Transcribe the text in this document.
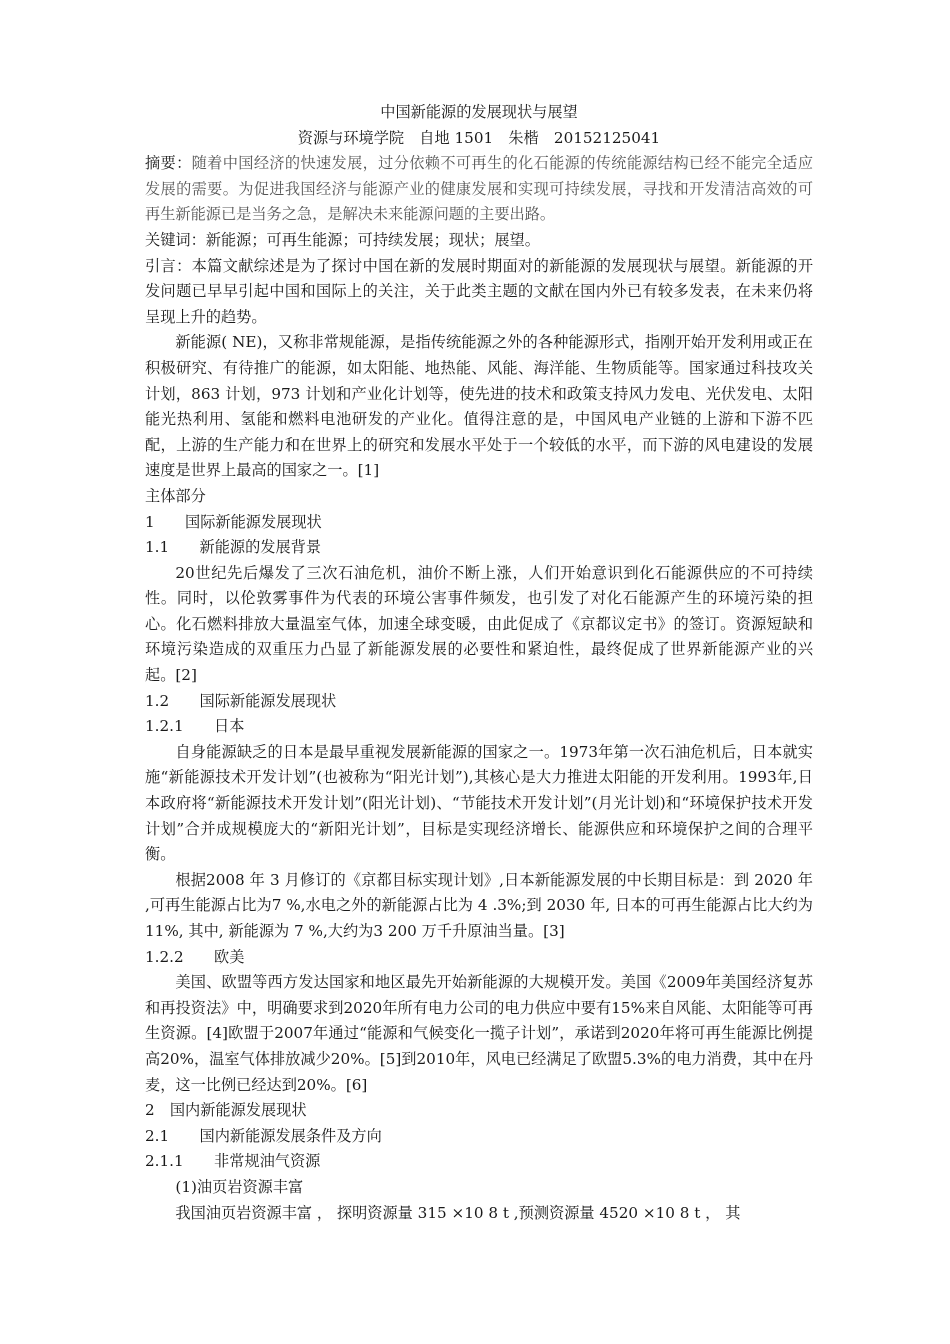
中国新能源的发展现状与展望

资源与环境学院　自地 1501　朱楷　20152125041

摘要：随着中国经济的快速发展，过分依赖不可再生的化石能源的传统能源结构已经不能完全适应发展的需要。为促进我国经济与能源产业的健康发展和实现可持续发展，寻找和开发清洁高效的可再生新能源已是当务之急，是解决未来能源问题的主要出路。

关键词：新能源；可再生能源；可持续发展；现状；展望。

引言：本篇文献综述是为了探讨中国在新的发展时期面对的新能源的发展现状与展望。新能源的开发问题已早早引起中国和国际上的关注，关于此类主题的文献在国内外已有较多发表，在未来仍将呈现上升的趋势。

新能源( NE)，又称非常规能源，是指传统能源之外的各种能源形式，指刚开始开发利用或正在积极研究、有待推广的能源，如太阳能、地热能、风能、海洋能、生物质能等。国家通过科技攻关计划，863 计划，973 计划和产业化计划等，使先进的技术和政策支持风力发电、光伏发电、太阳能光热利用、氢能和燃料电池研发的产业化。值得注意的是，中国风电产业链的上游和下游不匹配，上游的生产能力和在世界上的研究和发展水平处于一个较低的水平，而下游的风电建设的发展速度是世界上最高的国家之一。[1]

主体部分

1　　国际新能源发展现状

1.1　　新能源的发展背景

20世纪先后爆发了三次石油危机，油价不断上涨，人们开始意识到化石能源供应的不可持续性。同时，以伦敦雾事件为代表的环境公害事件频发，也引发了对化石能源产生的环境污染的担心。化石燃料排放大量温室气体，加速全球变暖，由此促成了《京都议定书》的签订。资源短缺和环境污染造成的双重压力凸显了新能源发展的必要性和紧迫性，最终促成了世界新能源产业的兴起。[2]

1.2　　国际新能源发展现状

1.2.1　　日本

自身能源缺乏的日本是最早重视发展新能源的国家之一。1973年第一次石油危机后，日本就实施“新能源技术开发计划”(也被称为“阳光计划”),其核心是大力推进太阳能的开发利用。1993年,日本政府将“新能源技术开发计划”(阳光计划)、“节能技术开发计划”(月光计划)和“环境保护技术开发计划”合并成规模庞大的“新阳光计划”，目标是实现经济增长、能源供应和环境保护之间的合理平衡。

根据2008 年 3 月修订的《京都目标实现计划》,日本新能源发展的中长期目标是：到 2020 年 ,可再生能源占比为7 %,水电之外的新能源占比为 4 .3%;到 2030 年, 日本的可再生能源占比大约为 11%, 其中, 新能源为 7 %,大约为3 200 万千升原油当量。[3]

1.2.2　　欧美

美国、欧盟等西方发达国家和地区最先开始新能源的大规模开发。美国《2009年美国经济复苏和再投资法》中，明确要求到2020年所有电力公司的电力供应中要有15%来自风能、太阳能等可再生资源。[4]欧盟于2007年通过“能源和气候变化一揽子计划”，承诺到2020年将可再生能源比例提高20%，温室气体排放减少20%。[5]到2010年，风电已经满足了欧盟5.3%的电力消费，其中在丹麦，这一比例已经达到20%。[6]

2　国内新能源发展现状

2.1　　国内新能源发展条件及方向

2.1.1　　非常规油气资源

(1)油页岩资源丰富

我国油页岩资源丰富 ， 探明资源量 315 ×10 8 t ,预测资源量 4520 ×10 8 t ， 其
